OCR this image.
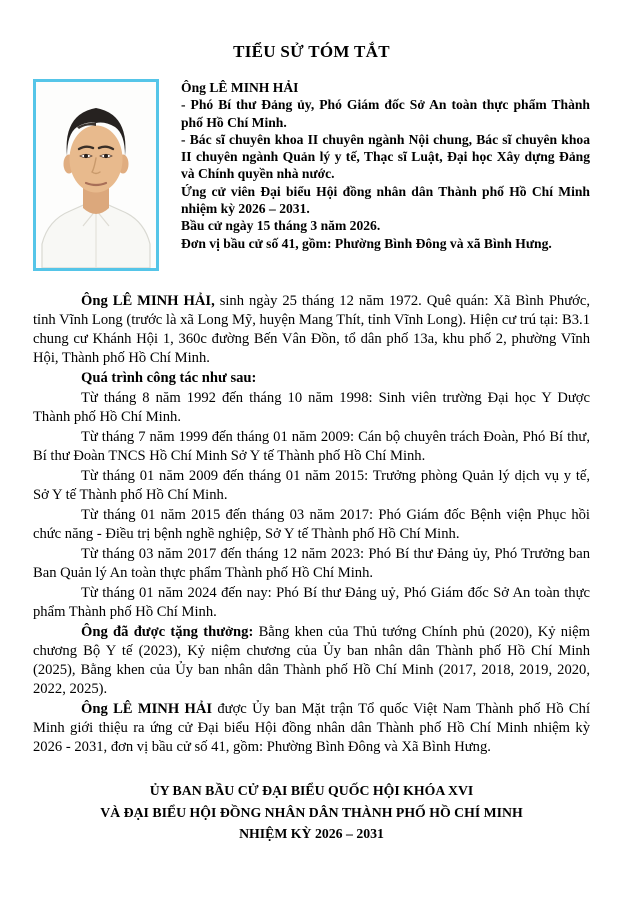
TIỂU SỬ TÓM TẮT

Ông LÊ MINH HẢI

- Phó Bí thư Đảng ủy, Phó Giám đốc Sở An toàn thực phẩm Thành phố Hồ Chí Minh.

- Bác sĩ chuyên khoa II chuyên ngành Nội chung, Bác sĩ chuyên khoa II chuyên ngành Quản lý y tế, Thạc sĩ Luật, Đại học Xây dựng Đảng và Chính quyền nhà nước.

Ứng cử viên Đại biểu Hội đồng nhân dân Thành phố Hồ Chí Minh nhiệm kỳ 2026 – 2031.

Bầu cử ngày 15 tháng 3 năm 2026.

Đơn vị bầu cử số 41, gồm: Phường Bình Đông và xã Bình Hưng.

Ông LÊ MINH HẢI, sinh ngày 25 tháng 12 năm 1972. Quê quán: Xã Bình Phước, tỉnh Vĩnh Long (trước là xã Long Mỹ, huyện Mang Thít, tỉnh Vĩnh Long). Hiện cư trú tại: B3.1 chung cư Khánh Hội 1, 360c đường Bến Vân Đồn, tổ dân phố 13a, khu phố 2, phường Vĩnh Hội, Thành phố Hồ Chí Minh.

Quá trình công tác như sau:

Từ tháng 8 năm 1992 đến tháng 10 năm 1998: Sinh viên trường Đại học Y Dược Thành phố Hồ Chí Minh.

Từ tháng 7 năm 1999 đến tháng 01 năm 2009: Cán bộ chuyên trách Đoàn, Phó Bí thư, Bí thư Đoàn TNCS Hồ Chí Minh Sở Y tế Thành phố Hồ Chí Minh.

Từ tháng 01 năm 2009 đến tháng 01 năm 2015: Trưởng phòng Quản lý dịch vụ y tế, Sở Y tế Thành phố Hồ Chí Minh.

Từ tháng 01 năm 2015 đến tháng 03 năm 2017: Phó Giám đốc Bệnh viện Phục hồi chức năng - Điều trị bệnh nghề nghiệp, Sở Y tế Thành phố Hồ Chí Minh.

Từ tháng 03 năm 2017 đến tháng 12 năm 2023: Phó Bí thư Đảng ủy, Phó Trưởng ban Ban Quản lý An toàn thực phẩm Thành phố Hồ Chí Minh.

Từ tháng 01 năm 2024 đến nay: Phó Bí thư Đảng uỷ, Phó Giám đốc Sở An toàn thực phẩm Thành phố Hồ Chí Minh.

Ông đã được tặng thưởng: Bằng khen của Thủ tướng Chính phủ (2020), Kỷ niệm chương Bộ Y tế (2023), Kỷ niệm chương của Ủy ban nhân dân Thành phố Hồ Chí Minh (2025), Bằng khen của Ủy ban nhân dân Thành phố Hồ Chí Minh (2017, 2018, 2019, 2020, 2022, 2025).

Ông LÊ MINH HẢI được Ủy ban Mặt trận Tổ quốc Việt Nam Thành phố Hồ Chí Minh giới thiệu ra ứng cử Đại biểu Hội đồng nhân dân Thành phố Hồ Chí Minh nhiệm kỳ 2026 - 2031, đơn vị bầu cử số 41, gồm: Phường Bình Đông và Xã Bình Hưng.

ỦY BAN BẦU CỬ ĐẠI BIỂU QUỐC HỘI KHÓA XVI

VÀ ĐẠI BIỂU HỘI ĐỒNG NHÂN DÂN THÀNH PHỐ HỒ CHÍ MINH

NHIỆM KỲ 2026 – 2031
